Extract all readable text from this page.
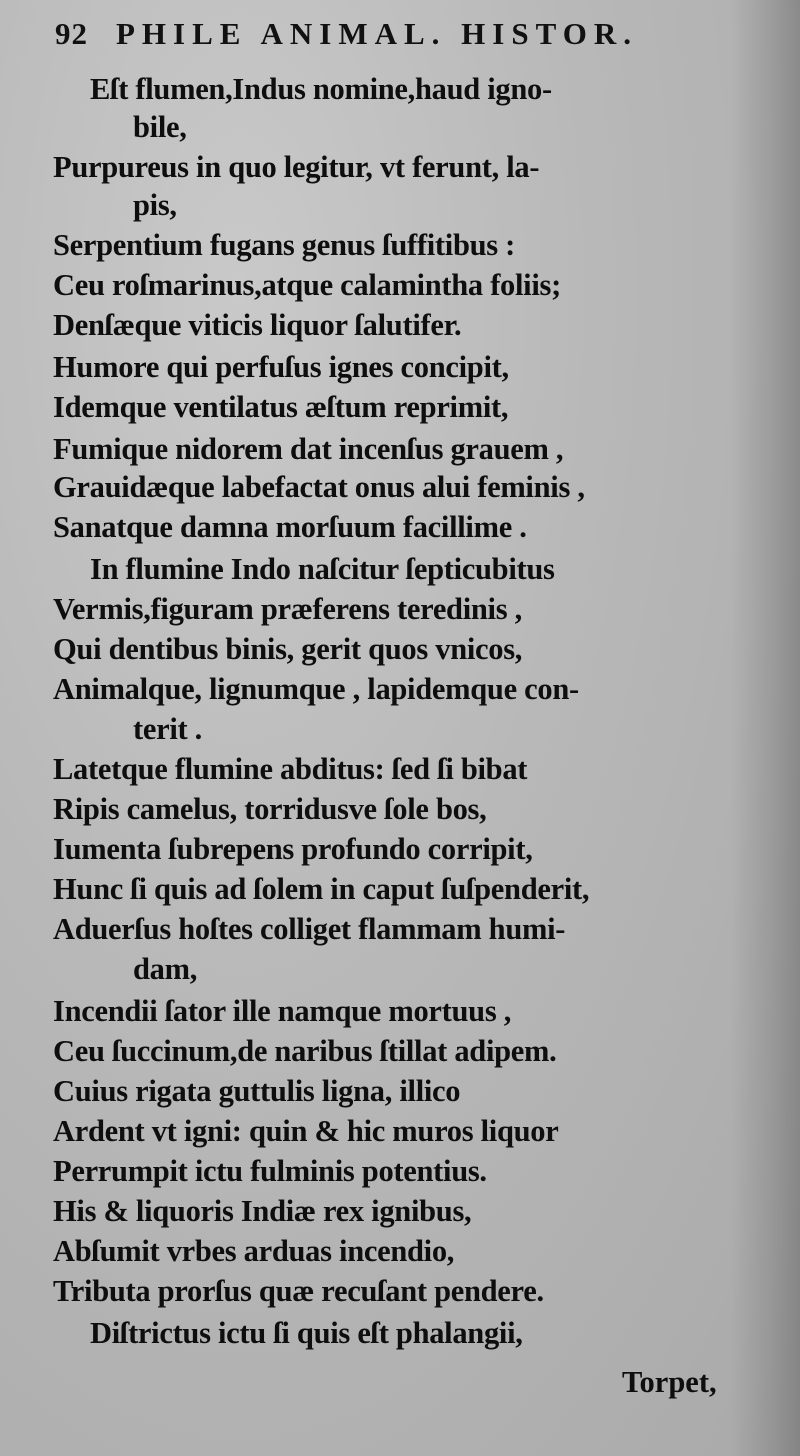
92 PHILE ANIMAL. HISTOR.
Eſt flumen,Indus nomine,haud igno-
bile,
Purpureus in quo legitur, vt ferunt, la-
pis,
Serpentium fugans genus ſuffitibus :
Ceu roſmarinus,atque calamintha foliis;
Denſæque viticis liquor ſalutifer.
Humore qui perfuſus ignes concipit,
Idemque ventilatus æſtum reprimit,
Fumique nidorem dat incenſus grauem ,
Grauidæque labefactat onus alui feminis ,
Sanatque damna morſuum facillime .
In flumine Indo naſcitur ſepticubitus
Vermis,figuram præferens teredinis ,
Qui dentibus binis, gerit quos vnicos,
Animalque, lignumque , lapidemque con-
terit .
Latetque flumine abditus: ſed ſi bibat
Ripis camelus, torridusve ſole bos,
Iumenta ſubrepens profundo corripit,
Hunc ſi quis ad ſolem in caput ſuſpenderit,
Aduerſus hoſtes colliget flammam humi-
dam,
Incendii ſator ille namque mortuus ,
Ceu ſuccinum,de naribus ſtillat adipem.
Cuius rigata guttulis ligna, illico
Ardent vt igni: quin & hic muros liquor
Perrumpit ictu fulminis potentius.
His & liquoris Indiæ rex ignibus,
Abſumit vrbes arduas incendio,
Tributa prorſus quæ recuſant pendere.
Diſtrictus ictu ſi quis eſt phalangii,
Torpet,
